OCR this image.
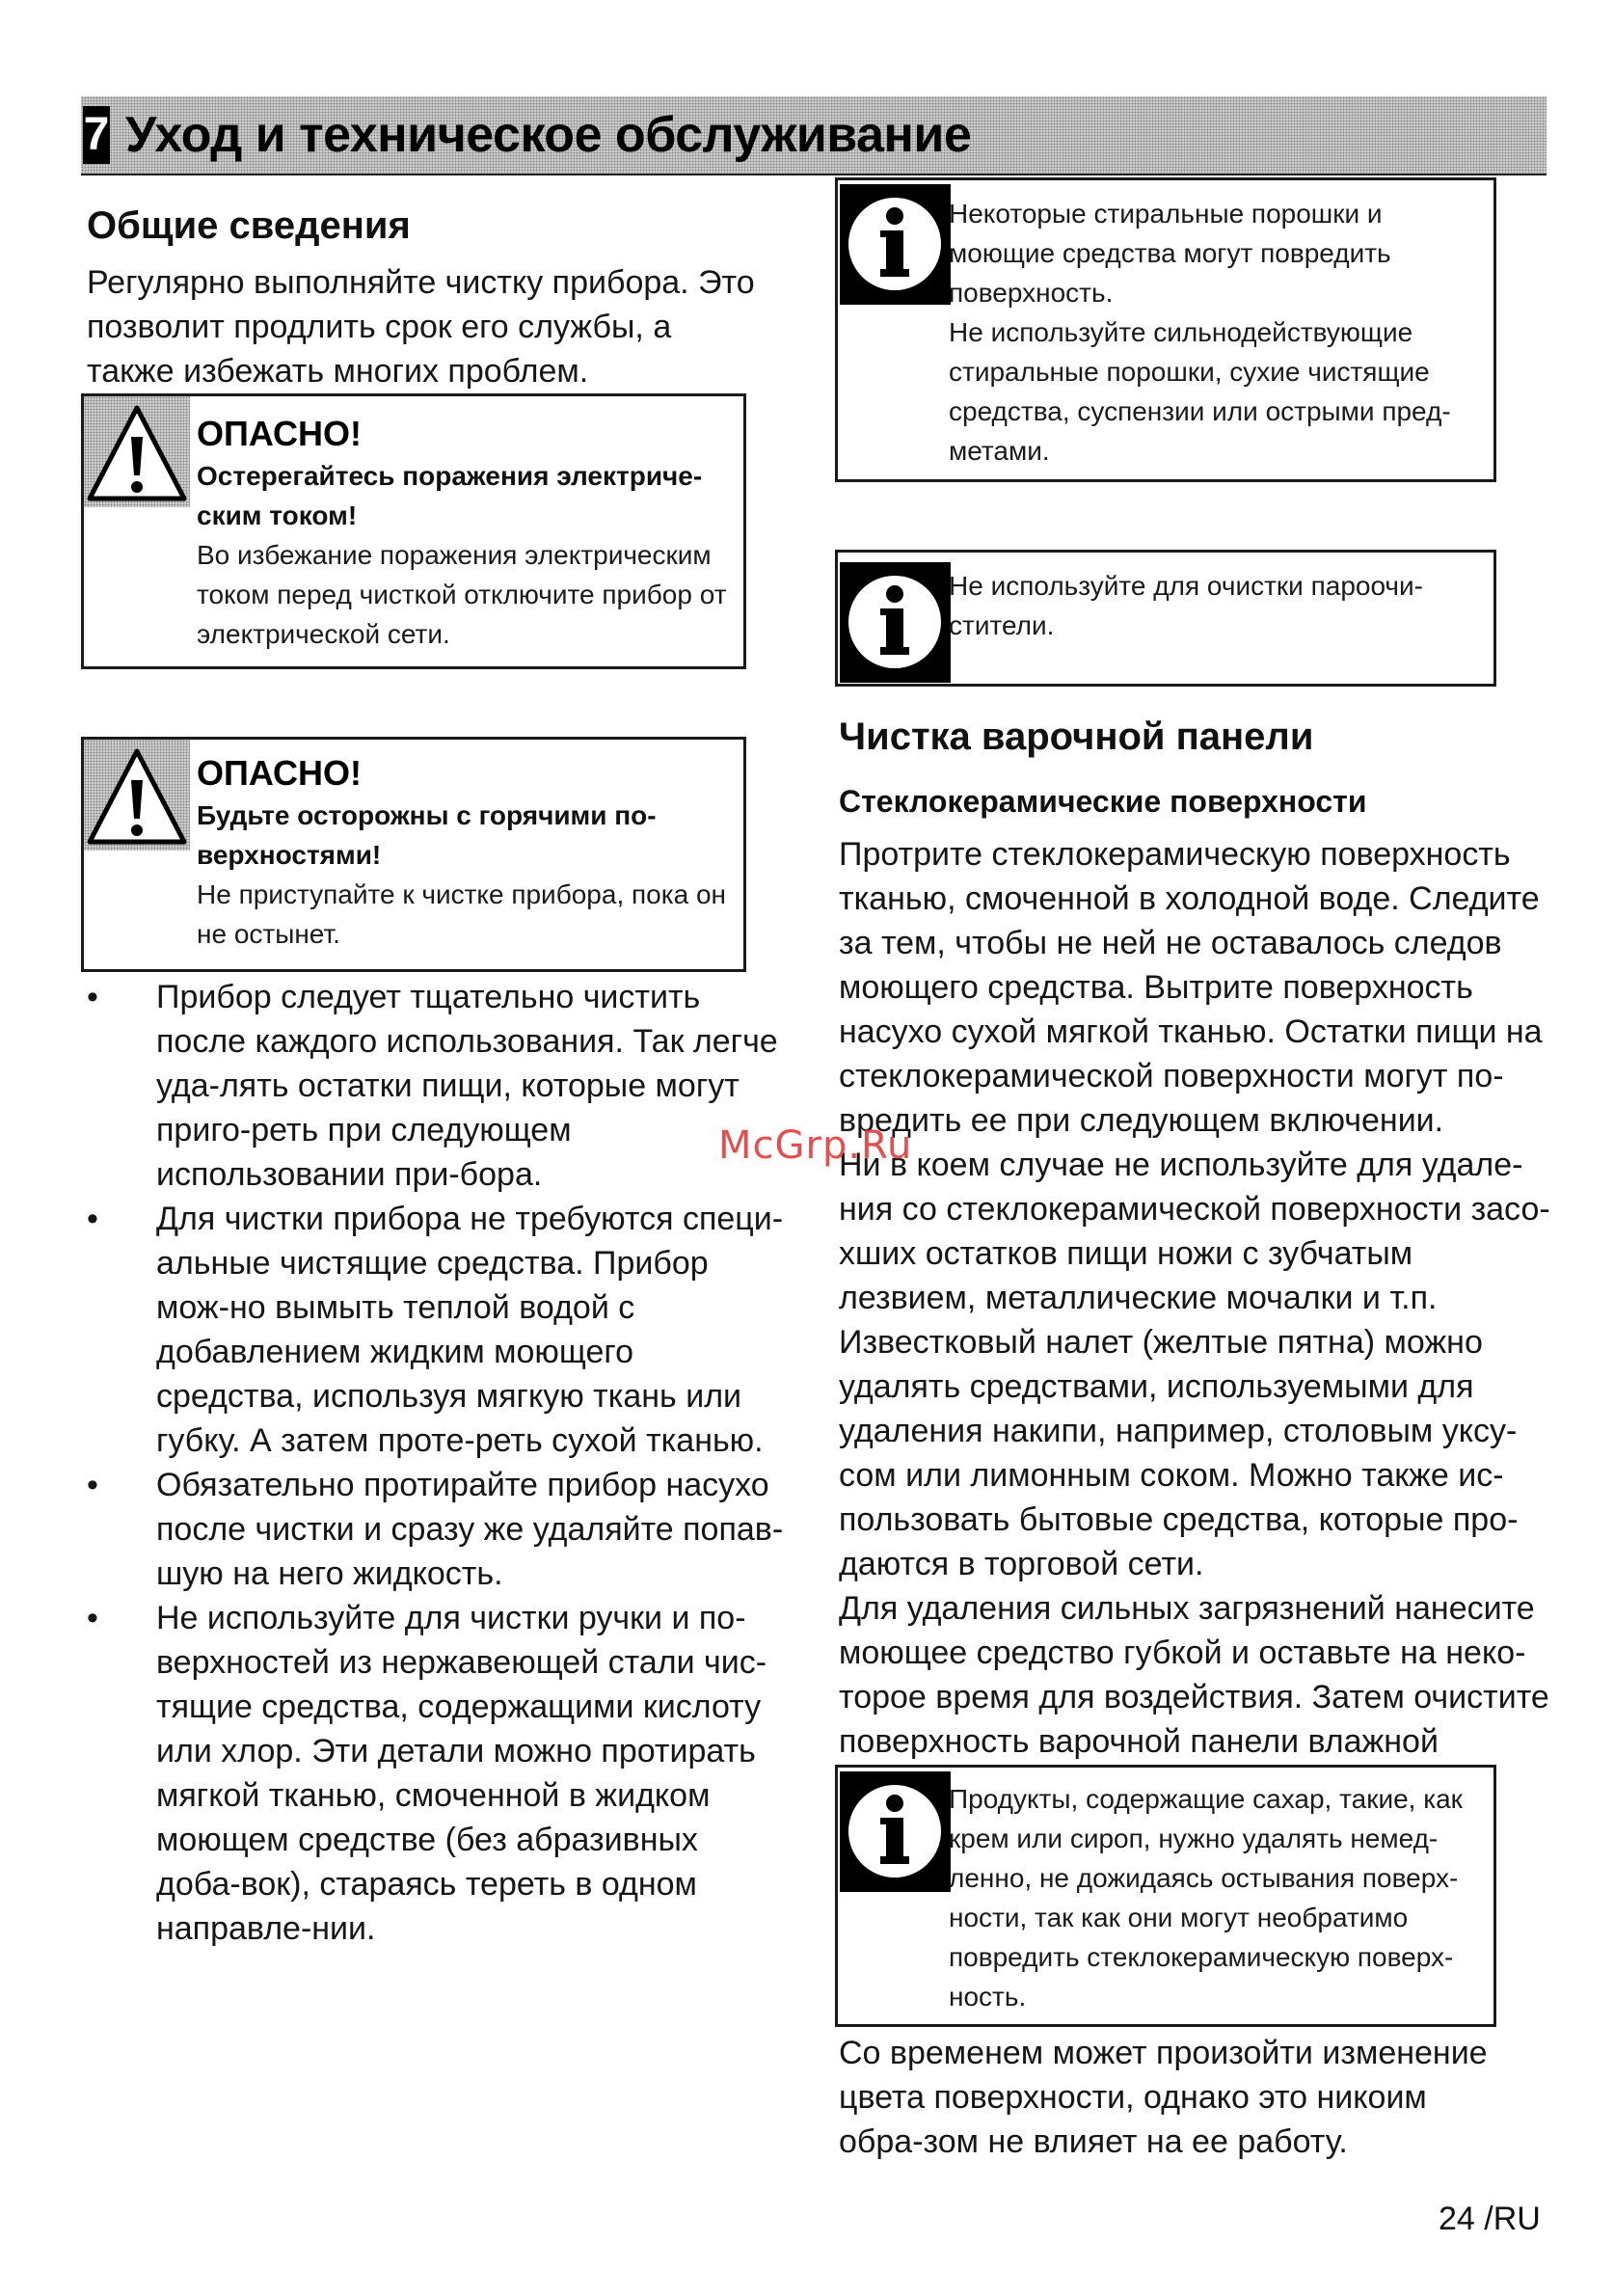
7 Уход и техническое обслуживание
Общие сведения

Регулярно выполняйте чистку прибора. Это позволит продлить срок его службы, а также избежать многих проблем.

ОПАСНО!
Остерегайтесь поражения электриче-ским током!
Во избежание поражения электрическим током перед чисткой отключите прибор от электрической сети.
ОПАСНО!
Будьте осторожны с горячими по-верхностями!
Не приступайте к чистке прибора, пока он не остынет.
• Прибор следует тщательно чистить после каждого использования. Так легче уда-лять остатки пищи, которые могут приго-реть при следующем использовании при-бора.
• Для чистки прибора не требуются специ-альные чистящие средства. Прибор мож-но вымыть теплой водой с добавлением жидким моющего средства, используя мягкую ткань или губку. А затем проте-реть сухой тканью.
• Обязательно протирайте прибор насухо после чистки и сразу же удаляйте попав-шую на него жидкость.
• Не используйте для чистки ручки и по-верхностей из нержавеющей стали чис-тящие средства, содержащими кислоту или хлор. Эти детали можно протирать мягкой тканью, смоченной в жидком моющем средстве (без абразивных доба-вок), стараясь тереть в одном направле-нии.

Некоторые стиральные порошки и моющие средства могут повредить поверхность.

Не используйте сильнодействующие стиральные порошки, сухие чистящие средства, суспензии или острыми пред-метами.

Не используйте для очистки пароочи-стители.

Чистка варочной панели
Стеклокерамические поверхности

Протрите стеклокерамическую поверхность тканью, смоченной в холодной воде. Следите за тем, чтобы не ней не оставалось следов моющего средства. Вытрите поверхность насухо сухой мягкой тканью. Остатки пищи на стеклокерамической поверхности могут по-вредить ее при следующем включении.

Ни в коем случае не используйте для удале-ния со стеклокерамической поверхности засо-хших остатков пищи ножи с зубчатым лезвием, металлические мочалки и т.п.

Известковый налет (желтые пятна) можно удалять средствами, используемыми для удаления накипи, например, столовым уксу-сом или лимонным соком. Можно также ис-пользовать бытовые средства, которые про-даются в торговой сети.

Для удаления сильных загрязнений нанесите моющее средство губкой и оставьте на неко-торое время для воздействия. Затем очистите поверхность варочной панели влажной

Продукты, содержащие сахар, такие, как крем или сироп, нужно удалять немед-ленно, не дожидаясь остывания поверх-ности, так как они могут необратимо повредить стеклокерамическую поверх-ность.

Со временем может произойти изменение цвета поверхности, однако это никоим обра-зом не влияет на ее работу.

McGrp.Ru
24 /RU
